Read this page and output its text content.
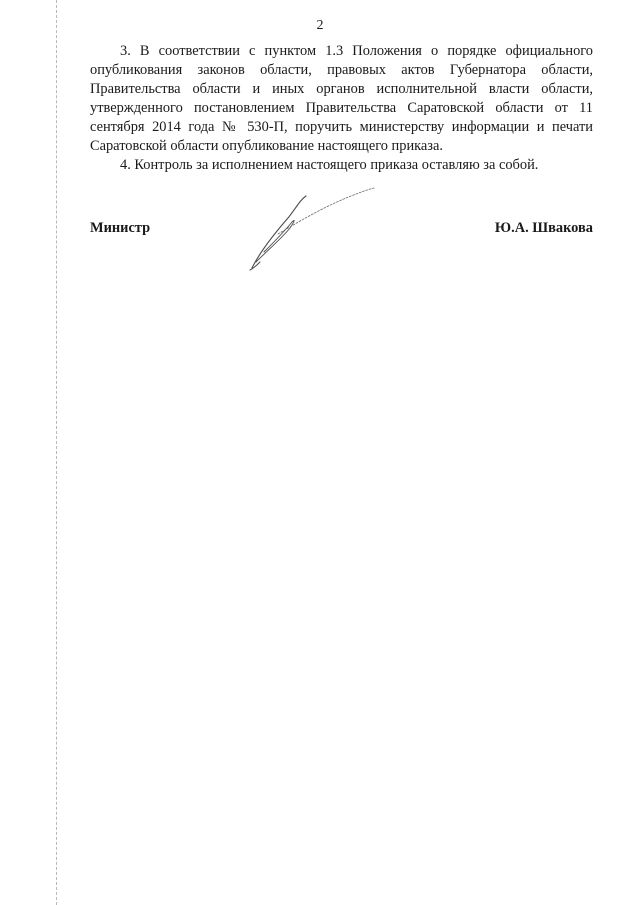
2

3. В соответствии с пунктом 1.3 Положения о порядке официального опубликования законов области, правовых актов Губернатора области, Правительства области и иных органов исполнительной власти области, утвержденного постановлением Правительства Саратовской области от 11 сентября 2014 года № 530-П, поручить министерству информации и печати Саратовской области опубликование настоящего приказа.

4. Контроль за исполнением настоящего приказа оставляю за собой.

Министр	Ю.А. Швакова
